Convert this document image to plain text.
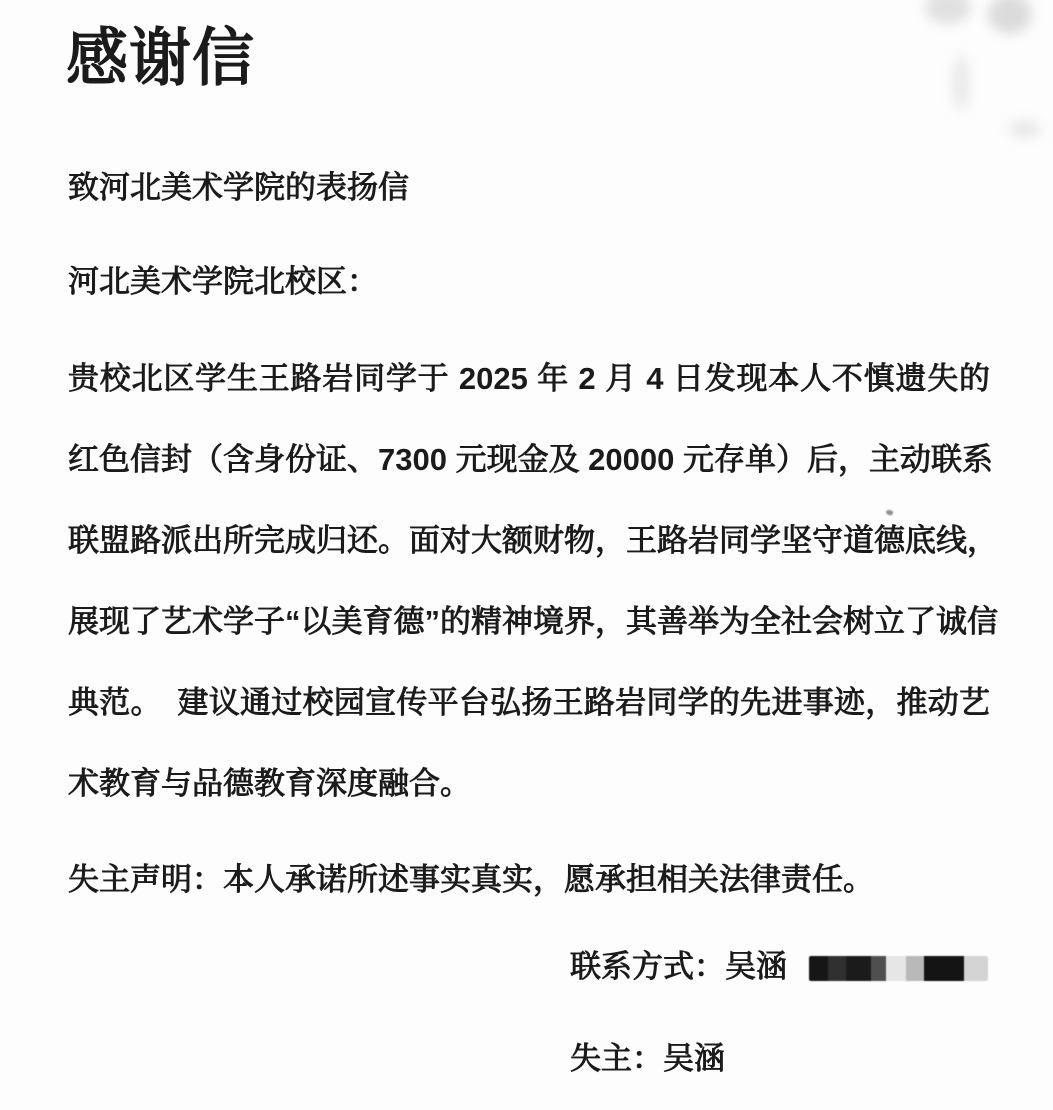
感谢信
致河北美术学院的表扬信
河北美术学院北校区：
贵校北区学生王路岩同学于 2025 年 2 月 4 日发现本人不慎遗失的
红色信封（含身份证、7300 元现金及 20000 元存单）后，主动联系
联盟路派出所完成归还。面对大额财物，王路岩同学坚守道德底线，
展现了艺术学子“以美育德”的精神境界，其善举为全社会树立了诚信
典范。　建议通过校园宣传平台弘扬王路岩同学的先进事迹，推动艺
术教育与品德教育深度融合。
失主声明：本人承诺所述事实真实，愿承担相关法律责任。
联系方式：吴涵
失主：吴涵
